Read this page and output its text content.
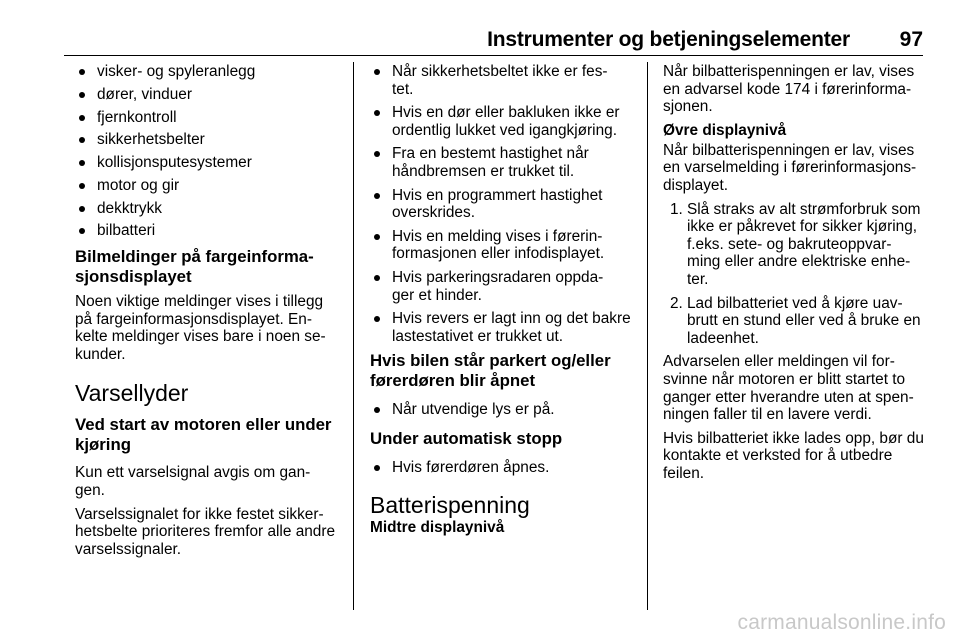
Instrumenter og betjeningselementer 97
visker- og spyleranlegg
dører, vinduer
fjernkontroll
sikkerhetsbelter
kollisjonsputesystemer
motor og gir
dekktrykk
bilbatteri
Bilmeldinger på fargeinforma-
sjonsdisplayet

Noen viktige meldinger vises i tillegg på fargeinformasjonsdisplayet. En-
kelte meldinger vises bare i noen se-
kunder.

Varsellyder
Ved start av motoren eller under kjøring

Kun ett varselsignal avgis om gan-
gen.

Varselssignalet for ikke festet sikker-
hetsbelte prioriteres fremfor alle andre varselssignaler.

Når sikkerhetsbeltet ikke er fes-
tet.
Hvis en dør eller bakluken ikke er ordentlig lukket ved igangkjøring.
Fra en bestemt hastighet når håndbremsen er trukket til.
Hvis en programmert hastighet overskrides.
Hvis en melding vises i førerin-
formasjonen eller infodisplayet.
Hvis parkeringsradaren oppda-
ger et hinder.
Hvis revers er lagt inn og det bakre lastestativet er trukket ut.
Hvis bilen står parkert og/eller førerdøren blir åpnet
Når utvendige lys er på.
Under automatisk stopp
Hvis førerdøren åpnes.
Batterispenning
Midtre displaynivå

Når bilbatterispenningen er lav, vises en advarsel kode 174 i førerinforma-
sjonen.

Øvre displaynivå

Når bilbatterispenningen er lav, vises en varselmelding i førerinformasjons-
displayet.

1. Slå straks av alt strømforbruk som ikke er påkrevet for sikker kjøring, f.eks. sete- og bakruteoppvar-
ming eller andre elektriske enhe-
ter.
2. Lad bilbatteriet ved å kjøre uav-
brutt en stund eller ved å bruke en ladeenhet.

Advarselen eller meldingen vil for-
svinne når motoren er blitt startet to ganger etter hverandre uten at spen-
ningen faller til en lavere verdi.

Hvis bilbatteriet ikke lades opp, bør du kontakte et verksted for å utbedre feilen.

carmanualsonline.info
